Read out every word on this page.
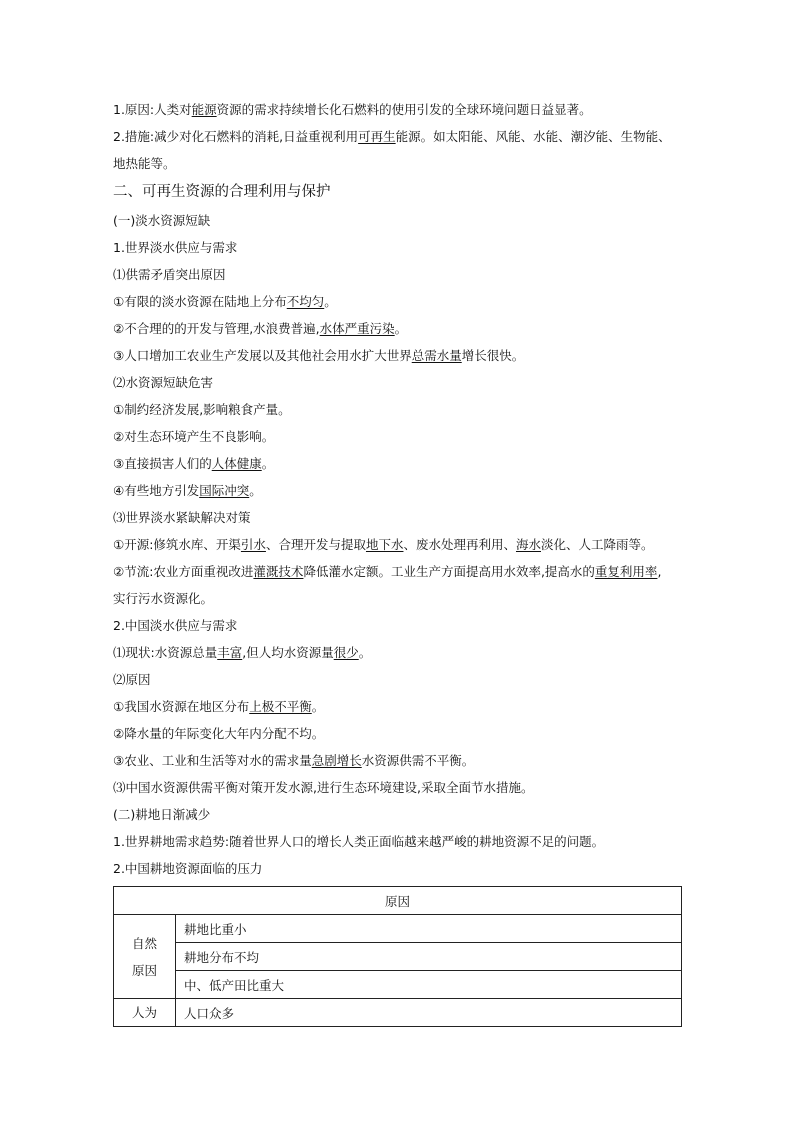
1.原因:人类对能源资源的需求持续增长化石燃料的使用引发的全球环境问题日益显著。
2.措施:减少对化石燃料的消耗,日益重视利用可再生能源。如太阳能、风能、水能、潮汐能、生物能、
地热能等。
二、可再生资源的合理利用与保护
(一)淡水资源短缺
1.世界淡水供应与需求
⑴供需矛盾突出原因
①有限的淡水资源在陆地上分布不均匀。
②不合理的的开发与管理,水浪费普遍,水体严重污染。
③人口增加工农业生产发展以及其他社会用水扩大世界总需水量增长很快。
⑵水资源短缺危害
①制约经济发展,影响粮食产量。
②对生态环境产生不良影响。
③直接损害人们的人体健康。
④有些地方引发国际冲突。
⑶世界淡水紧缺解决对策
①开源:修筑水库、开渠引水、合理开发与提取地下水、废水处理再利用、海水淡化、人工降雨等。
②节流:农业方面重视改进灌溉技术降低灌水定额。工业生产方面提高用水效率,提高水的重复利用率,
实行污水资源化。
2.中国淡水供应与需求
⑴现状:水资源总量丰富,但人均水资源量很少。
⑵原因
①我国水资源在地区分布上极不平衡。
②降水量的年际变化大年内分配不均。
③农业、工业和生活等对水的需求量急剧增长水资源供需不平衡。
⑶中国水资源供需平衡对策开发水源,进行生态环境建设,采取全面节水措施。
(二)耕地日渐减少
1.世界耕地需求趋势:随着世界人口的增长人类正面临越来越严峻的耕地资源不足的问题。
2.中国耕地资源面临的压力
原因	
自然
原因	耕地比重小
	耕地分布不均
	中、低产田比重大
人为	人口众多
